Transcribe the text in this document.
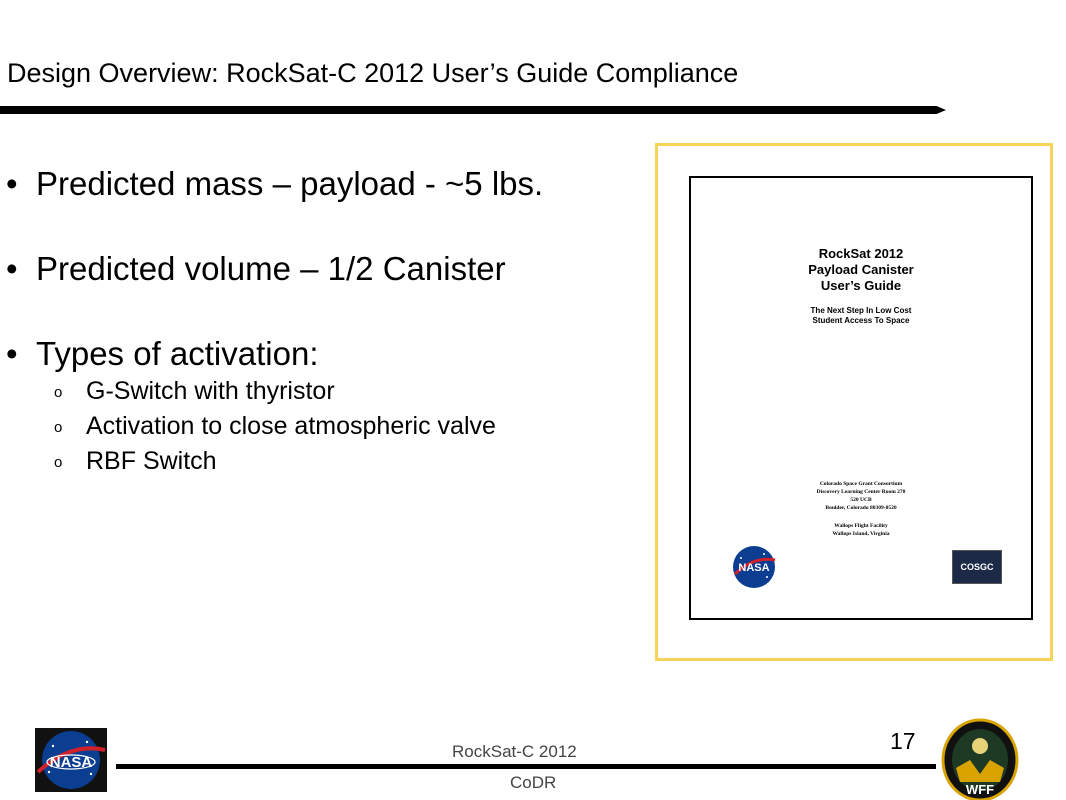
Design Overview: RockSat-C 2012 User’s Guide Compliance
• Predicted mass – payload - ~5 lbs.
• Predicted volume – 1/2 Canister
• Types of activation:
o G-Switch with thyristor
o Activation to close atmospheric valve
o RBF Switch
RockSat 2012
Payload Canister
User’s Guide
The Next Step In Low Cost
Student Access To Space
Colorado Space Grant Consortium
Discovery Learning Center Room 270
520 UCB
Boulder, Colorado 80309-0520
Wallops Flight Facility
Wallops Island, Virginia
NASA	COSGC
NASA
RockSat-C 2012
CoDR
17
WFF
